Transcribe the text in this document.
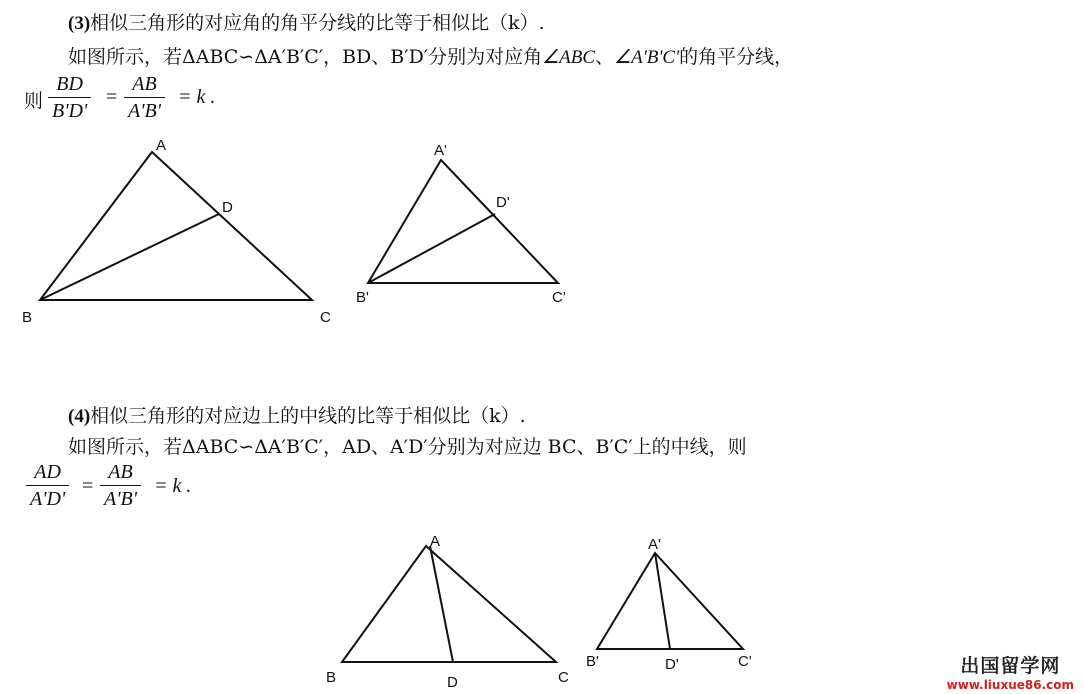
(3)相似三角形的对应角的角平分线的比等于相似比（k）.
如图所示，若ΔABC∽ΔA′B′C′，BD、B′D′分别为对应角∠ABC、∠A'B'C'的角平分线，
则
BD
B'D'
=
AB
A'B'
= k .
(4)相似三角形的对应边上的中线的比等于相似比（k）.
如图所示，若ΔABC∽ΔA′B′C′，AD、A′D′分别为对应边 BC、B′C′上的中线，则
AD
A'D'
=
AB
A'B'
= k .
A
B	C
D
A'
B'	C'
D'
A
B	C
D
A'
B'	C'
D'	出国留学网
www.liuxue86.com
